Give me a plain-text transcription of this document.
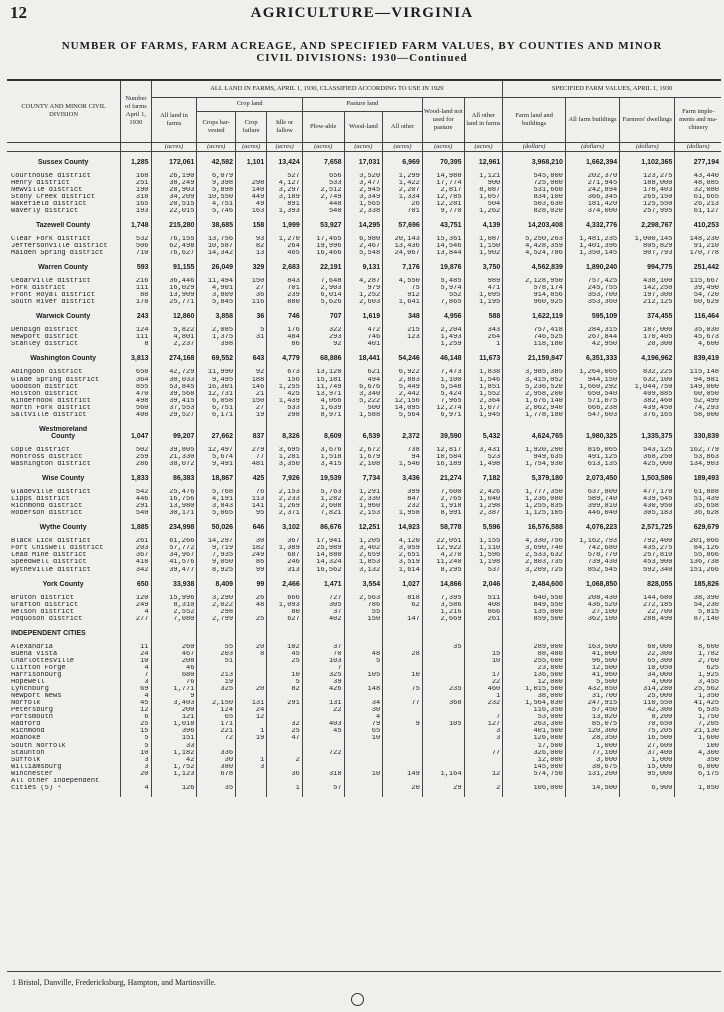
12	AGRICULTURE—VIRGINIA
NUMBER OF FARMS, FARM ACREAGE, AND SPECIFIED FARM VALUES, BY COUNTIES AND MINOR
CIVIL DIVISIONS: 1930—Continued
COUNTY AND MINOR CIVIL DIVISION	Number of farms April 1, 1930	ALL LAND IN FARMS, APRIL 1, 1930, CLASSIFIED ACCORDING TO USE IN 1929									SPECIFIED FARM VALUES, APRIL 1, 1930			
		All land in farms	Crop land			Pasture land			Wood-land not used for pasture	All other land in farms	Farm land and buildings	All farm buildings	Farmers' dwellings	Farm imple-ments and ma-chinery
			Crops har-vested	Crop failure	Idle or fallow	Plow-able	Wood-land	All other						
		(acres)	(acres)	(acres)	(acres)	(acres)	(acres)	(acres)	(acres)	(acres)	(dollars)	(dollars)	(dollars)	(dollars)

Sussex County	1,285	172,061	42,582	1,101	13,424	7,658	17,031	6,969	70,395	12,961	3,968,210	1,662,394	1,102,365	277,194

Courthouse district	168	26,190	6,079		527	656	3,520	1,299	14,988	1,121	545,800	202,370	123,275	43,440
Henry district	251	38,249	9,398	298	4,127	533	3,477	1,422	17,774	900	725,000	271,945	188,000	48,085
Newville district	190	28,903	5,898	140	3,297	2,512	2,945	2,207	2,817	8,087	531,660	242,894	170,403	32,080
Stony Creek district	318	34,209	10,550	449	3,189	2,749	3,349	1,334	12,785	1,057	834,100	366,345	265,150	61,665
Wakefield district	165	20,515	4,751	49	891	448	1,565	26	12,281	504	503,630	181,420	125,550	26,213
Waverly district	193	22,015	5,746	163	1,393	540	2,338	701	9,770	1,262	828,020	374,000	257,995	61,127

Tazewell County	1,748	215,280	38,685	158	1,999	53,927	14,295	57,696	43,751	4,139	14,203,408	4,332,776	2,298,767	410,253

Clear Fork district	532	76,155	13,756	93	1,270	17,465	6,980	20,143	15,361	1,087	5,250,263	1,481,235	1,000,145	148,230
Jeffersonville district	506	62,498	10,587	82	264	19,996	2,467	13,436	14,546	1,150	4,428,359	1,401,396	805,829	91,210
Maiden Spring district	710	76,627	14,342	13	465	16,466	5,548	24,067	13,844	1,902	4,524,786	1,350,145	907,793	170,778

Warren County	593	91,155	26,049	329	2,683	22,191	9,131	7,176	19,876	3,750	4,562,839	1,890,240	994,775	251,442

Cedarville district	216	36,446	11,494	150	843	7,648	4,287	4,550	5,485	989	2,128,950	757,425	438,100	115,667
Fork district	111	16,029	4,901	27	701	2,903	979	75	5,974	471	578,174	245,755	142,250	39,490
Front Royal district	88	13,909	3,809	36	239	6,014	1,252	912	552	1,095	914,856	353,700	197,300	54,720
South River district	178	25,771	5,845	116	880	5,626	2,603	1,641	7,865	1,195	960,925	353,360	212,125	60,629

Warwick County	243	12,860	3,858	36	746	707	1,619	348	4,956	588	1,622,119	595,109	374,455	116,464

Denbigh district	124	5,822	2,085	5	176	322	472	215	2,204	343	757,418	284,315	187,000	35,030
Newport district	111	4,801	1,375	31	484	293	746	123	1,493	264	746,525	267,844	170,405	45,673
Stanley district	8	2,237	398		86	92	401		1,259	1	118,180	42,950	20,300	4,600

Washington County	3,813	274,168	69,552	643	4,779	68,886	18,441	54,246	46,148	11,673	21,159,847	6,351,333	4,196,962	839,419

Abingdon district	658	42,729	11,990	92	673	13,120	621	6,922	7,473	1,838	3,985,385	1,264,065	832,225	115,148
Glade Spring district	364	30,033	9,495	188	156	15,181	494	2,883	1,100	1,546	3,415,052	944,150	632,100	94,981
Goodson district	855	53,845	16,301	146	1,255	11,749	6,676	5,449	5,548	1,851	5,236,520	1,660,292	1,044,750	149,000
Holston district	470	39,568	12,731	21	425	13,971	3,340	2,442	5,424	1,552	2,958,200	650,540	409,885	60,050
Kinderhook district	498	39,415	6,058	150	1,439	4,066	5,222	12,156	7,965	2,364	1,676,140	571,075	382,460	52,499
North Fork district	560	37,553	6,751	27	533	1,639	500	14,095	12,274	1,077	2,062,940	666,238	439,450	74,293
Saltville district	408	29,527	6,171	19	298	8,971	1,588	5,564	6,971	1,945	1,778,180	547,603	376,165	58,000

Westmoreland														
County	1,047	99,207	27,662	837	8,326	8,609	6,539	2,372	39,590	5,432	4,624,765	1,980,325	1,335,375	330,839

Cople district	502	39,805	12,497	279	3,695	3,676	2,672	738	12,817	3,431	1,920,200	816,065	543,125	162,779
Montross district	259	21,330	5,674	77	1,281	1,518	1,679	94	10,584	523	949,635	491,125	368,250	53,863
Washington district	286	38,072	9,491	481	3,350	3,415	2,108	1,540	16,189	1,498	1,754,930	613,135	425,000	134,903

Wise County	1,833	86,383	18,867	425	7,926	19,539	7,734	3,436	21,274	7,182	5,379,180	2,073,450	1,503,586	189,493

Gladeville district	542	25,476	5,768	76	2,153	5,763	1,291	399	7,600	2,426	1,777,350	637,800	477,170	61,888
Lipps district	446	16,756	4,191	113	2,233	1,282	2,330	847	2,765	1,040	1,236,080	589,740	439,545	51,439
Richmond district	291	13,980	3,843	141	1,269	2,608	1,960	232	1,918	1,298	1,255,835	399,810	430,950	35,658
Roberson district	540	30,171	5,065	95	2,371	7,821	2,153	1,958	8,991	2,387	1,125,105	446,040	305,183	36,628

Wythe County	1,885	234,998	50,026	646	3,102	86,676	12,251	14,923	58,778	5,596	16,576,588	4,076,223	2,571,725	629,679

Black Lick district	261	61,266	14,297	30	367	17,941	1,205	4,120	22,051	1,155	4,330,756	1,162,793	792,400	201,066
Fort Chiswell district	203	57,772	9,719	182	1,389	25,989	3,402	3,059	12,922	1,110	3,690,740	742,680	435,275	84,126
Lead Mine district	367	34,967	7,935	249	687	14,880	2,659	2,651	4,270	1,596	2,533,632	578,770	257,810	55,866
Speedwell district	418	41,576	9,050	86	246	14,324	1,853	3,519	11,240	1,198	2,803,735	739,430	453,900	136,738
Wytheville district	342	39,477	8,925	99	313	16,562	3,132	1,614	8,295	537	3,209,725	852,545	592,340	151,266

York County	650	33,938	8,409	99	2,466	1,471	3,554	1,027	14,866	2,046	2,484,600	1,068,850	828,055	185,826

Bruton district	120	15,996	3,290	26	666	727	2,563	818	7,395	511	640,550	208,430	144,680	38,390
Grafton district	249	8,310	2,022	48	1,093	305	786	62	3,586	408	849,550	436,520	272,185	54,230
Nelson district	4	2,552	298		80	37	55		1,216	866	135,000	27,100	22,700	5,815
Poquoson district	277	7,080	2,799	25	627	402	150	147	2,669	261	859,500	362,100	288,490	87,140

INDEPENDENT CITIES														

Alexandria	11	260	55	20	102	37			35		289,000	163,500	60,000	8,600
Buena Vista	24	467	203	8	45	70	48	28		15	88,480	41,000	22,300	1,782
Charlottesville	10	208	51		25	103	5			10	255,600	96,500	65,300	2,760
Clifton Forge	4	46				7					23,800	12,500	10,050	625
Harrisonburg	7	680	213		10	325	105	10		17	136,500	41,960	34,000	1,925
Hopewell	3	76	19		5	39				22	12,000	5,500	4,000	3,455
Lynchburg	69	1,771	325	20	82	426	148	75	235	460	1,015,500	432,850	314,280	25,562
Newport News	4	9								1	38,000	31,700	25,000	1,350
Norfolk	45	3,403	2,150	131	291	131	34	77	368	232	1,564,830	247,915	110,550	41,425
Petersburg	12	200	124	24		22	30				116,350	57,450	42,300	6,535
Portsmouth	6	121	65	12			4			7	53,000	13,820	8,200	1,750
Radford	25	1,018	171		32	403	79	9	105	127	263,300	85,075	70,650	7,205
Richmond	15	396	221	1	25	45	65			3	401,500	120,300	75,205	21,130
Roanoke	5	151	72	19	47		10			3	126,000	28,350	16,500	1,600
South Norfolk	5	33									17,500	1,000	27,600	100
Staunton	10	1,182	336			722				77	326,000	77,100	37,400	4,300
Suffolk	3	42	30	1	2						12,000	3,000	1,000	350
Williamsburg	3	1,752	380	3							145,000	38,675	15,000	6,000
Winchester	20	1,123	678		36	318	10	149	1,164	12	574,750	131,200	95,000	6,175
All other independent														
cities (5) ¹	4	126	35		1	57		20	29	2	106,000	14,500	6,900	1,850

1 Bristol, Danville, Fredericksburg, Hampton, and Martinsville.
